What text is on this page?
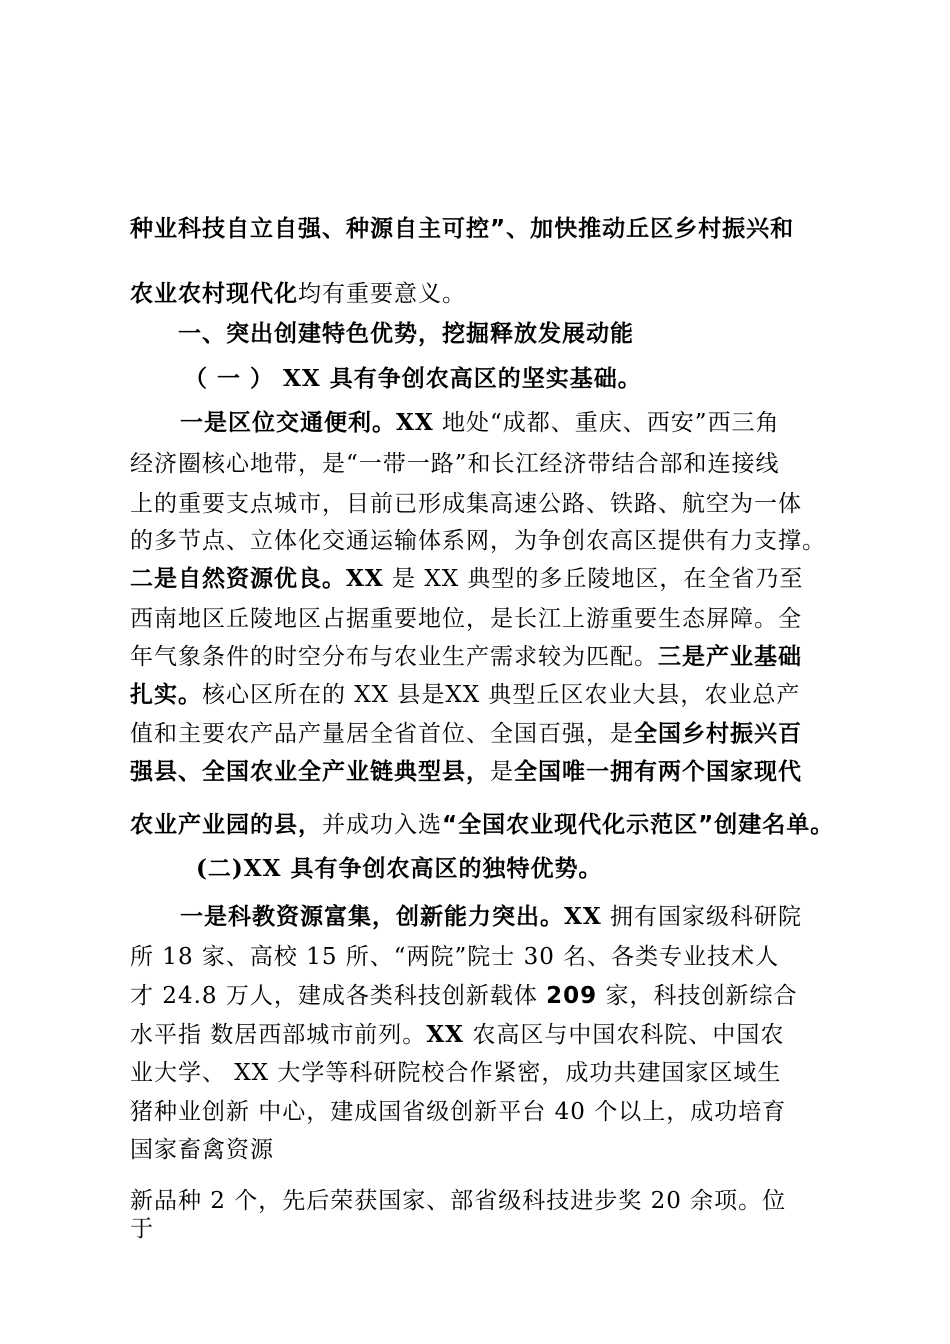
种业科技自立自强、种源自主可控”、加快推动丘区乡村振兴和
农业农村现代化均有重要意义。
一、突出创建特色优势，挖掘释放发展动能
（ 一 ） XX 具有争创农高区的坚实基础。
一是区位交通便利。XX 地处“成都、重庆、西安”西三角
经济圈核心地带，是“一带一路”和长江经济带结合部和连接线
上的重要支点城市，目前已形成集高速公路、铁路、航空为一体
的多节点、立体化交通运输体系网，为争创农高区提供有力支撑。
二是自然资源优良。XX 是 XX 典型的多丘陵地区，在全省乃至
西南地区丘陵地区占据重要地位，是长江上游重要生态屏障。全
年气象条件的时空分布与农业生产需求较为匹配。三是产业基础
扎实。核心区所在的 XX 县是XX 典型丘区农业大县，农业总产
值和主要农产品产量居全省首位、全国百强，是全国乡村振兴百
强县、全国农业全产业链典型县，是全国唯一拥有两个国家现代
农业产业园的县，并成功入选“全国农业现代化示范区”创建名单。
(二)XX 具有争创农高区的独特优势。
一是科教资源富集，创新能力突出。XX 拥有国家级科研院
所 18 家、高校 15 所、“两院”院士 30 名、各类专业技术人
才 24.8 万人，建成各类科技创新载体 209 家，科技创新综合
水平指 数居西部城市前列。XX 农高区与中国农科院、中国农
业大学、 XX 大学等科研院校合作紧密，成功共建国家区域生
猪种业创新 中心，建成国省级创新平台 40 个以上，成功培育
国家畜禽资源
新品种 2 个，先后荣获国家、部省级科技进步奖 20 余项。位
于
